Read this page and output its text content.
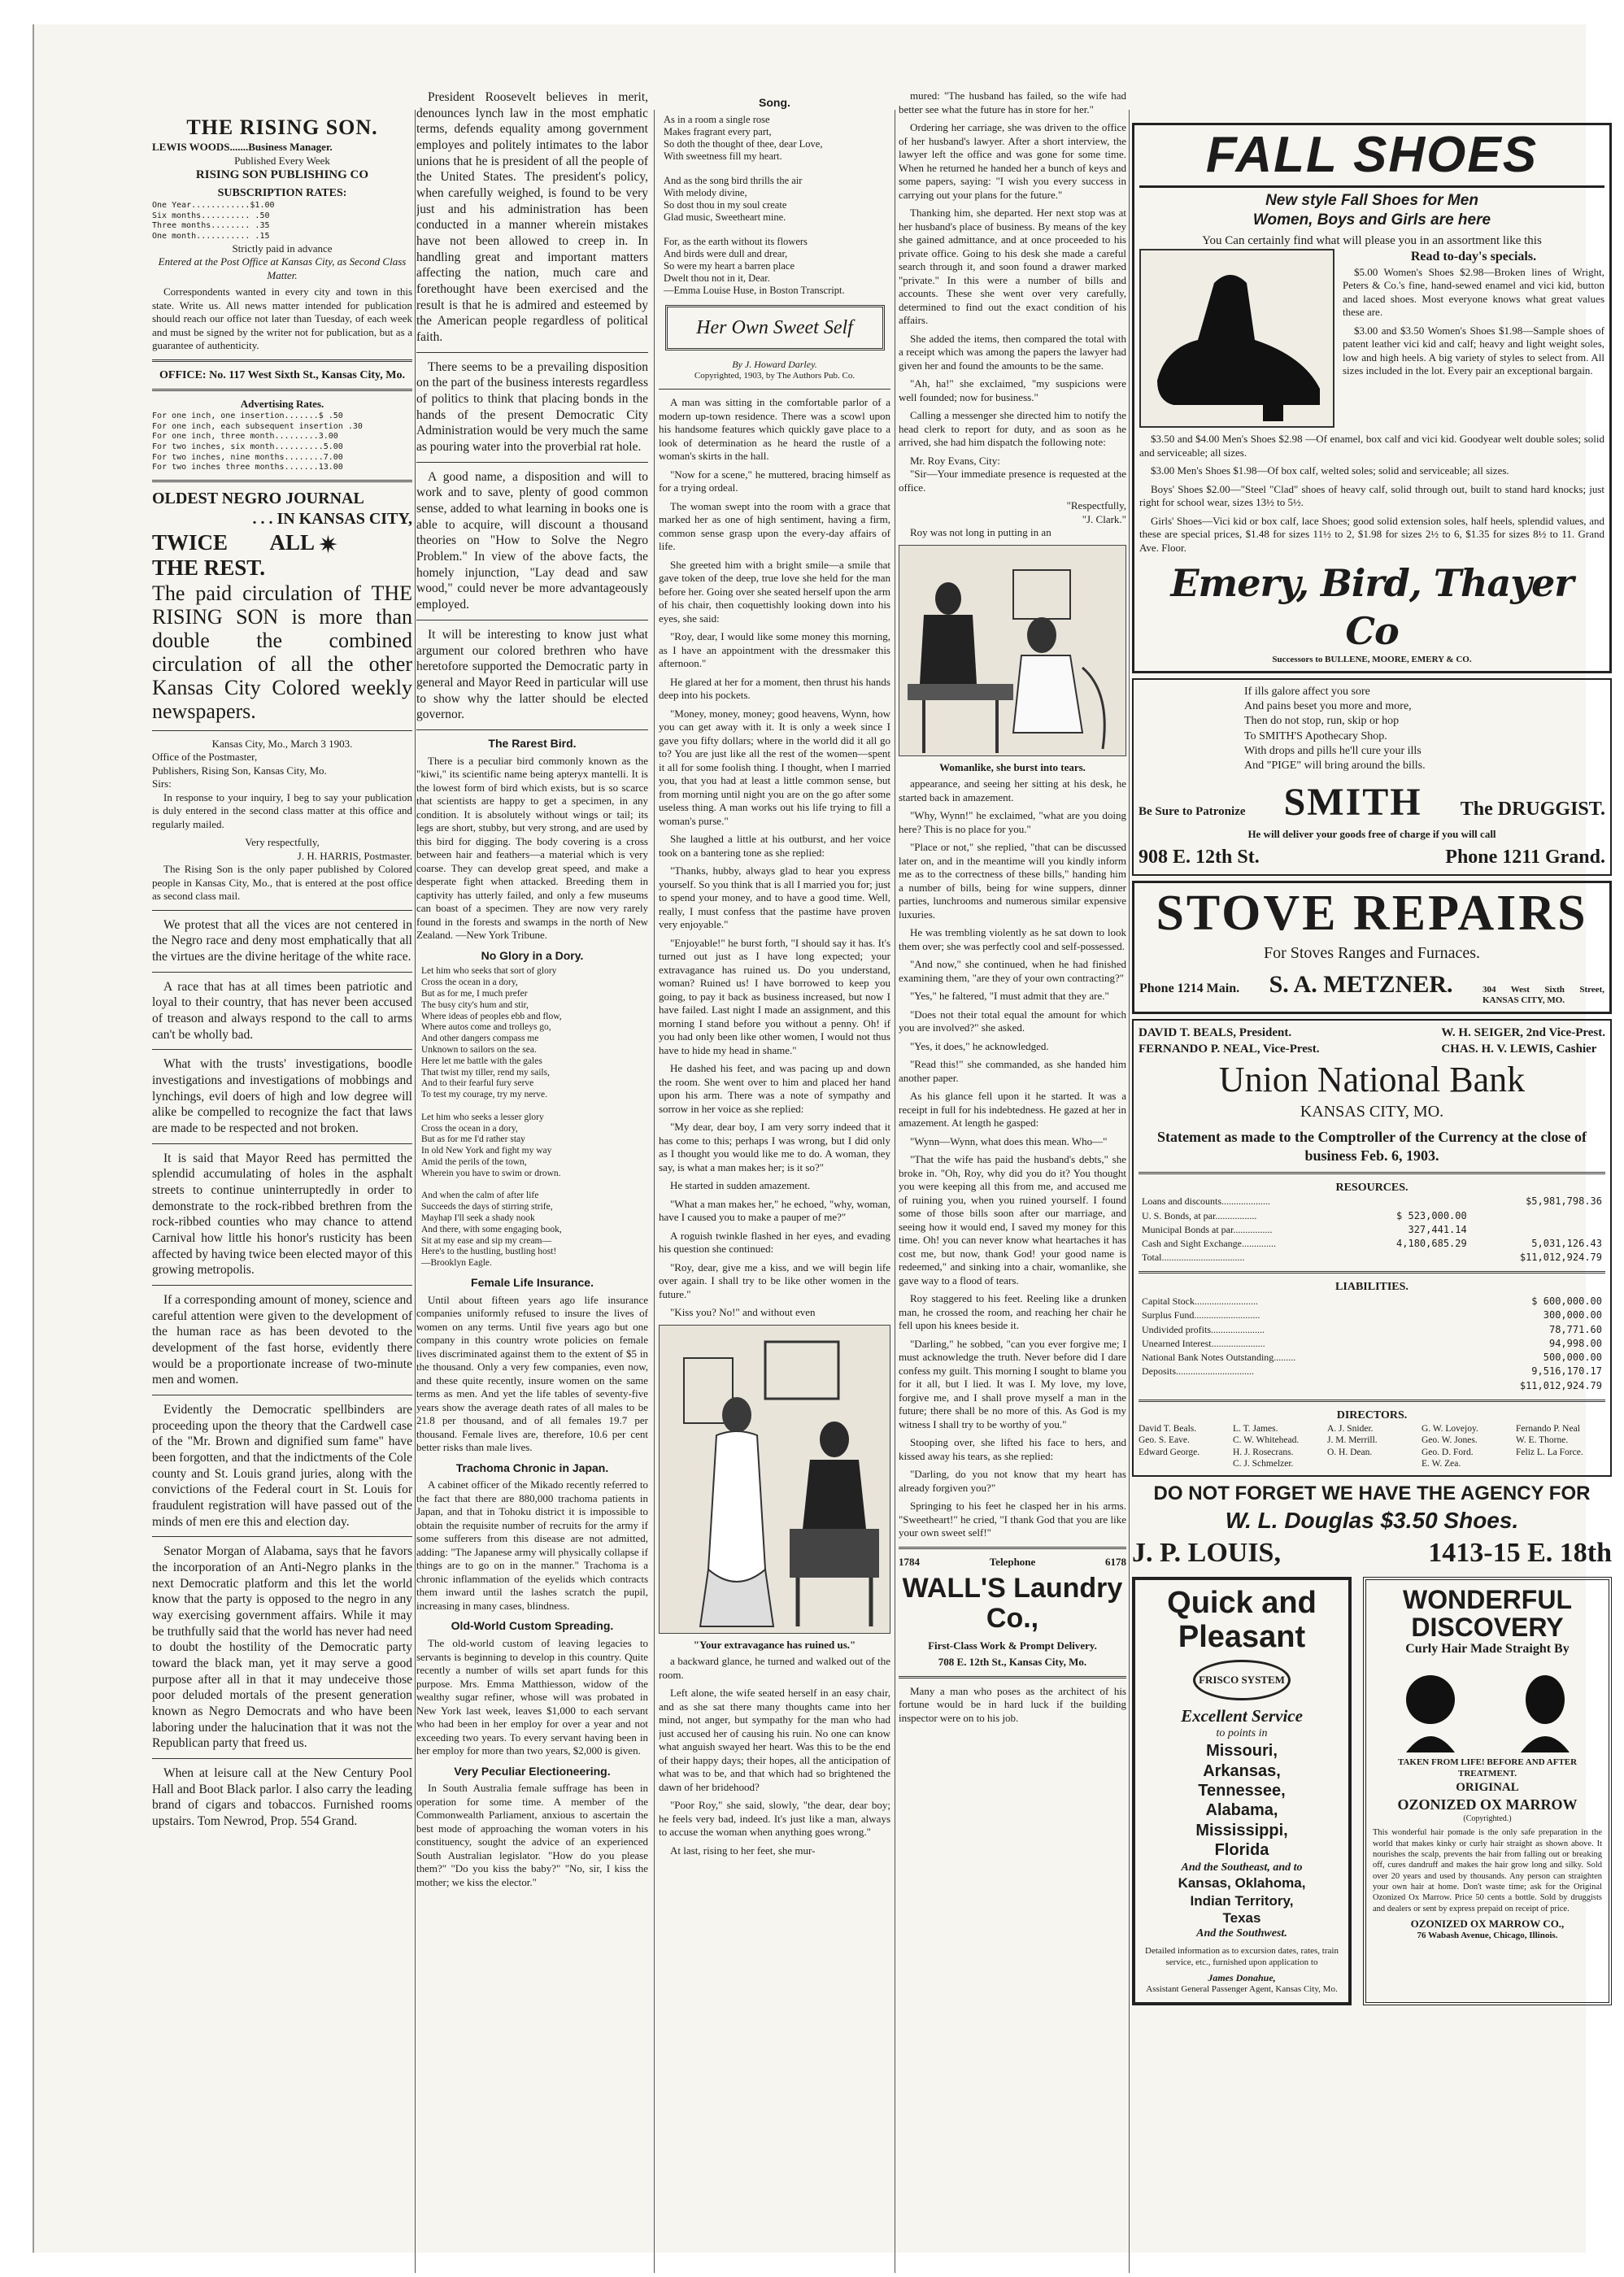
THE RISING SON.
LEWIS WOODS.......Business Manager.
Published Every Week
RISING SON PUBLISHING CO
SUBSCRIPTION RATES:
One Year............$1.00
Six months.......... .50
Three months........ .35
One month........... .15
Strictly paid in advance
Entered at the Post Office at Kansas City, as Second Class Matter.

Correspondents wanted in every city and town in this state. Write us. All news matter intended for publication should reach our office not later than Tuesday, of each week and must be signed by the writer not for publication, but as a guarantee of authenticity.

OFFICE: No. 117 West Sixth St., Kansas City, Mo.
Advertising Rates.
For one inch, one insertion.......$ .50
For one inch, each subsequent insertion .30
For one inch, three month.........3.00
For two inches, six month..........5.00
For two inches, nine months........7.00
For two inches three months.......13.00
OLDEST NEGRO JOURNAL
. . . IN KANSAS CITY,
TWICE ALL THE REST. ✷

The paid circulation of THE RISING SON is more than double the combined circulation of all the other Kansas City Colored weekly newspapers.

Kansas City, Mo., March 3 1903.
Office of the Postmaster,
Publishers, Rising Son, Kansas City, Mo.
Sirs:

In response to your inquiry, I beg to say your publication is duly entered in the second class matter at this office and regularly mailed.

Very respectfully,
J. H. HARRIS, Postmaster.

The Rising Son is the only paper published by Colored people in Kansas City, Mo., that is entered at the post office as second class mail.

We protest that all the vices are not centered in the Negro race and deny most emphatically that all the virtues are the divine heritage of the white race.

A race that has at all times been patriotic and loyal to their country, that has never been accused of treason and always respond to the call to arms can't be wholly bad.

What with the trusts' investigations, boodle investigations and investigations of mobbings and lynchings, evil doers of high and low degree will alike be compelled to recognize the fact that laws are made to be respected and not broken.

It is said that Mayor Reed has permitted the splendid accumulating of holes in the asphalt streets to continue uninterruptedly in order to demonstrate to the rock-ribbed brethren from the rock-ribbed counties who may chance to attend Carnival how little his honor's rusticity has been affected by having twice been elected mayor of this growing metropolis.

If a corresponding amount of money, science and careful attention were given to the development of the human race as has been devoted to the development of the fast horse, evidently there would be a proportionate increase of two-minute men and women.

Evidently the Democratic spellbinders are proceeding upon the theory that the Cardwell case of the "Mr. Brown and dignified sum fame" have been forgotten, and that the indictments of the Cole county and St. Louis grand juries, along with the convictions of the Federal court in St. Louis for fraudulent registration will have passed out of the minds of men ere this and election day.

Senator Morgan of Alabama, says that he favors the incorporation of an Anti-Negro planks in the next Democratic platform and this let the world know that the party is opposed to the negro in any way exercising government affairs. While it may be truthfully said that the world has never had need to doubt the hostility of the Democratic party toward the black man, yet it may serve a good purpose after all in that it may undeceive those poor deluded mortals of the present generation known as Negro Democrats and who have been laboring under the halucination that it was not the Republican party that freed us.

When at leisure call at the New Century Pool Hall and Boot Black parlor. I also carry the leading brand of cigars and tobaccos. Furnished rooms upstairs. Tom Newrod, Prop. 554 Grand.

President Roosevelt believes in merit, denounces lynch law in the most emphatic terms, defends equality among government employes and politely intimates to the labor unions that he is president of all the people of the United States. The president's policy, when carefully weighed, is found to be very just and his administration has been conducted in a manner wherein mistakes have not been allowed to creep in. In handling great and important matters affecting the nation, much care and forethought have been exercised and the result is that he is admired and esteemed by the American people regardless of political faith.

There seems to be a prevailing disposition on the part of the business interests regardless of politics to think that placing bonds in the hands of the present Democratic City Administration would be very much the same as pouring water into the proverbial rat hole.

A good name, a disposition and will to work and to save, plenty of good common sense, added to what learning in books one is able to acquire, will discount a thousand theories on "How to Solve the Negro Problem." In view of the above facts, the homely injunction, "Lay dead and saw wood," could never be more advantageously employed.

It will be interesting to know just what argument our colored brethren who have heretofore supported the Democratic party in general and Mayor Reed in particular will use to show why the latter should be elected governor.

The Rarest Bird.

There is a peculiar bird commonly known as the "kiwi," its scientific name being apteryx mantelli. It is the lowest form of bird which exists, but is so scarce that scientists are happy to get a specimen, in any condition. It is absolutely without wings or tail; its legs are short, stubby, but very strong, and are used by this bird for digging. The body covering is a cross between hair and feathers—a material which is very coarse. They can develop great speed, and make a desperate fight when attacked. Breeding them in captivity has utterly failed, and only a few museums can boast of a specimen. They are now very rarely found in the forests and swamps in the north of New Zealand. —New York Tribune.

No Glory in a Dory.
Let him who seeks that sort of glory
Cross the ocean in a dory,
But as for me, I much prefer
The busy city's hum and stir,
Where ideas of peoples ebb and flow,
Where autos come and trolleys go,
And other dangers compass me
Unknown to sailors on the sea.
Here let me battle with the gales
That twist my tiller, rend my sails,
And to their fearful fury serve
To test my courage, try my nerve.

Let him who seeks a lesser glory
Cross the ocean in a dory,
But as for me I'd rather stay
In old New York and fight my way
Amid the perils of the town,
Wherein you have to swim or drown.

And when the calm of after life
Succeeds the days of stirring strife,
Mayhap I'll seek a shady nook
And there, with some engaging book,
Sit at my ease and sip my cream—
Here's to the hustling, bustling host!
—Brooklyn Eagle.
Female Life Insurance.

Until about fifteen years ago life insurance companies uniformly refused to insure the lives of women on any terms. Until five years ago but one company in this country wrote policies on female lives discriminated against them to the extent of $5 in the thousand. Only a very few companies, even now, and these quite recently, insure women on the same terms as men. And yet the life tables of seventy-five years show the average death rates of all males to be 21.8 per thousand, and of all females 19.7 per thousand. Female lives are, therefore, 10.6 per cent better risks than male lives.

Trachoma Chronic in Japan.

A cabinet officer of the Mikado recently referred to the fact that there are 880,000 trachoma patients in Japan, and that in Tohoku district it is impossible to obtain the requisite number of recruits for the army if some sufferers from this disease are not admitted, adding: "The Japanese army will physically collapse if things are to go on in the manner." Trachoma is a chronic inflammation of the eyelids which contracts them inward until the lashes scratch the pupil, increasing in many cases, blindness.

Old-World Custom Spreading.

The old-world custom of leaving legacies to servants is beginning to develop in this country. Quite recently a number of wills set apart funds for this purpose. Mrs. Emma Matthiesson, widow of the wealthy sugar refiner, whose will was probated in New York last week, leaves $1,000 to each servant who had been in her employ for over a year and not exceeding two years. To every servant having been in her employ for more than two years, $2,000 is given.

Very Peculiar Electioneering.

In South Australia female suffrage has been in operation for some time. A member of the Commonwealth Parliament, anxious to ascertain the best mode of approaching the woman voters in his constituency, sought the advice of an experienced South Australian legislator. "How do you please them?" "Do you kiss the baby?" "No, sir, I kiss the mother; we kiss the elector."

Song.
As in a room a single rose
Makes fragrant every part,
So doth the thought of thee, dear Love,
With sweetness fill my heart.

And as the song bird thrills the air
With melody divine,
So dost thou in my soul create
Glad music, Sweetheart mine.

For, as the earth without its flowers
And birds were dull and drear,
So were my heart a barren place
Dwelt thou not in it, Dear.
—Emma Louise Huse, in Boston Transcript.
Her Own Sweet Self
By J. Howard Darley.
Copyrighted, 1903, by The Authors Pub. Co.

A man was sitting in the comfortable parlor of a modern up-town residence. There was a scowl upon his handsome features which quickly gave place to a look of determination as he heard the rustle of a woman's skirts in the hall.

"Now for a scene," he muttered, bracing himself as for a trying ordeal.

The woman swept into the room with a grace that marked her as one of high sentiment, having a firm, common sense grasp upon the every-day affairs of life.

She greeted him with a bright smile—a smile that gave token of the deep, true love she held for the man before her. Going over she seated herself upon the arm of his chair, then coquettishly looking down into his eyes, she said:

"Roy, dear, I would like some money this morning, as I have an appointment with the dressmaker this afternoon."

He glared at her for a moment, then thrust his hands deep into his pockets.

"Money, money, money; good heavens, Wynn, how you can get away with it. It is only a week since I gave you fifty dollars; where in the world did it all go to? You are just like all the rest of the women—spent it all for some foolish thing. I thought, when I married you, that you had at least a little common sense, but from morning until night you are on the go after some useless thing. A man works out his life trying to fill a woman's purse."

She laughed a little at his outburst, and her voice took on a bantering tone as she replied:

"Thanks, hubby, always glad to hear you express yourself. So you think that is all I married you for; just to spend your money, and to have a good time. Well, really, I must confess that the pastime have proven very enjoyable."

"Enjoyable!" he burst forth, "I should say it has. It's turned out just as I have long expected; your extravagance has ruined us. Do you understand, woman? Ruined us! I have borrowed to keep you going, to pay it back as business increased, but now I have failed. Last night I made an assignment, and this morning I stand before you without a penny. Oh! if you had only been like other women, I would not thus have to hide my head in shame."

He dashed his feet, and was pacing up and down the room. She went over to him and placed her hand upon his arm. There was a note of sympathy and sorrow in her voice as she replied:

"My dear, dear boy, I am very sorry indeed that it has come to this; perhaps I was wrong, but I did only as I thought you would like me to do. A woman, they say, is what a man makes her; is it so?"

He started in sudden amazement.

"What a man makes her," he echoed, "why, woman, have I caused you to make a pauper of me?"

A roguish twinkle flashed in her eyes, and evading his question she continued:

"Roy, dear, give me a kiss, and we will begin life over again. I shall try to be like other women in the future."

"Kiss you? No!" and without even

"Your extravagance has ruined us."

a backward glance, he turned and walked out of the room.

Left alone, the wife seated herself in an easy chair, and as she sat there many thoughts came into her mind, not anger, but sympathy for the man who had just accused her of causing his ruin. No one can know what anguish swayed her heart. Was this to be the end of their happy days; their hopes, all the anticipation of what was to be, and that which had so brightened the dawn of her bridehood?

"Poor Roy," she said, slowly, "the dear, dear boy; he feels very bad, indeed. It's just like a man, always to accuse the woman when anything goes wrong."

At last, rising to her feet, she mur-

mured: "The husband has failed, so the wife had better see what the future has in store for her."

Ordering her carriage, she was driven to the office of her husband's lawyer. After a short interview, the lawyer left the office and was gone for some time. When he returned he handed her a bunch of keys and some papers, saying: "I wish you every success in carrying out your plans for the future."

Thanking him, she departed. Her next stop was at her husband's place of business. By means of the key she gained admittance, and at once proceeded to his private office. Going to his desk she made a careful search through it, and soon found a drawer marked "private." In this were a number of bills and accounts. These she went over very carefully, determined to find out the exact condition of his affairs.

She added the items, then compared the total with a receipt which was among the papers the lawyer had given her and found the amounts to be the same.

"Ah, ha!" she exclaimed, "my suspicions were well founded; now for business."

Calling a messenger she directed him to notify the head clerk to report for duty, and as soon as he arrived, she had him dispatch the following note:

Mr. Roy Evans, City:

"Sir—Your immediate presence is requested at the office.

"Respectfully,
"J. Clark."

Roy was not long in putting in an

Womanlike, she burst into tears.

appearance, and seeing her sitting at his desk, he started back in amazement.

"Why, Wynn!" he exclaimed, "what are you doing here? This is no place for you."

"Place or not," she replied, "that can be discussed later on, and in the meantime will you kindly inform me as to the correctness of these bills," handing him a number of bills, being for wine suppers, dinner parties, lunchrooms and numerous similar expensive luxuries.

He was trembling violently as he sat down to look them over; she was perfectly cool and self-possessed.

"And now," she continued, when he had finished examining them, "are they of your own contracting?"

"Yes," he faltered, "I must admit that they are."

"Does not their total equal the amount for which you are involved?" she asked.

"Yes, it does," he acknowledged.

"Read this!" she commanded, as she handed him another paper.

As his glance fell upon it he started. It was a receipt in full for his indebtedness. He gazed at her in amazement. At length he gasped:

"Wynn—Wynn, what does this mean. Who—"

"That the wife has paid the husband's debts," she broke in. "Oh, Roy, why did you do it? You thought you were keeping all this from me, and accused me of ruining you, when you ruined yourself. I found some of those bills soon after our marriage, and seeing how it would end, I saved my money for this time. Oh! you can never know what heartaches it has cost me, but now, thank God! your good name is redeemed," and sinking into a chair, womanlike, she gave way to a flood of tears.

Roy staggered to his feet. Reeling like a drunken man, he crossed the room, and reaching her chair he fell upon his knees beside it.

"Darling," he sobbed, "can you ever forgive me; I must acknowledge the truth. Never before did I dare confess my guilt. This morning I sought to blame you for it all, but I lied. It was I. My love, my love, forgive me, and I shall prove myself a man in the future; there shall be no more of this. As God is my witness I shall try to be worthy of you."

Stooping over, she lifted his face to hers, and kissed away his tears, as she replied:

"Darling, do you not know that my heart has already forgiven you?"

Springing to his feet he clasped her in his arms. "Sweetheart!" he cried, "I thank God that you are like your own sweet self!"

1784	Telephone	6178
WALL'S Laundry Co.,
First-Class Work & Prompt Delivery.
708 E. 12th St., Kansas City, Mo.

Many a man who poses as the architect of his fortune would be in hard luck if the building inspector were on to his job.

FALL SHOES
New style Fall Shoes for Men
Women, Boys and Girls are here
You Can certainly find what will please you in an assortment like this
Read to-day's specials.

$5.00 Women's Shoes $2.98—Broken lines of Wright, Peters & Co.'s fine, hand-sewed enamel and vici kid, button and laced shoes. Most everyone knows what great values these are.

$3.00 and $3.50 Women's Shoes $1.98—Sample shoes of patent leather vici kid and calf; heavy and light weight soles, low and high heels. A big variety of styles to select from. All sizes included in the lot. Every pair an exceptional bargain.

$3.50 and $4.00 Men's Shoes $2.98 —Of enamel, box calf and vici kid. Goodyear welt double soles; solid and serviceable; all sizes.

$3.00 Men's Shoes $1.98—Of box calf, welted soles; solid and serviceable; all sizes.

Boys' Shoes $2.00—"Steel "Clad" shoes of heavy calf, solid through out, built to stand hard knocks; just right for school wear, sizes 13½ to 5½.

Girls' Shoes—Vici kid or box calf, lace Shoes; good solid extension soles, half heels, splendid values, and these are special prices, $1.48 for sizes 11½ to 2, $1.98 for sizes 2½ to 6, $1.35 for sizes 8½ to 11. Grand Ave. Floor.

Emery, Bird, Thayer Co
Successors to BULLENE, MOORE, EMERY & CO.
If ills galore affect you sore
And pains beset you more and more,
Then do not stop, run, skip or hop
To SMITH'S Apothecary Shop.
With drops and pills he'll cure your ills
And "PIGE" will bring around the bills.
Be Sure to Patronize SMITH The DRUGGIST.
He will deliver your goods free of charge if you will call
908 E. 12th St.	Phone 1211 Grand.
STOVE REPAIRS
For Stoves Ranges and Furnaces.
Phone 1214 Main. S. A. METZNER.	304 West Sixth Street, KANSAS CITY, MO.
DAVID T. BEALS, President.
FERNANDO P. NEAL, Vice-Prest.
W. H. SEIGER, 2nd Vice-Prest.
CHAS. H. V. LEWIS, Cashier
Union National Bank
KANSAS CITY, MO.
Statement as made to the Comptroller of the Currency at the close of business Feb. 6, 1903.
RESOURCES.
Loans and discounts....................		$5,981,798.36
U. S. Bonds, at par.................	$ 523,000.00	
Municipal Bonds at par................	327,441.14	
Cash and Sight Exchange..............	4,180,685.29	5,031,126.43
Total..................................		$11,012,924.79
LIABILITIES.
Capital Stock..........................	$ 600,000.00
Surplus Fund...........................	300,000.00
Undivided profits......................	78,771.60
Unearned Interest......................	94,998.00
National Bank Notes Outstanding.........	500,000.00
Deposits................................	9,516,170.17
	$11,012,924.79
DIRECTORS.
David T. Beals.	L. T. James.	A. J. Snider.	G. W. Lovejoy.	Fernando P. Neal
Geo. S. Eave.	C. W. Whitehead.	J. M. Merrill.	Geo. W. Jones.	W. E. Thorne.
Edward George.	H. J. Rosecrans.	O. H. Dean.	Geo. D. Ford.	Feliz L. La Force.
C. J. Schmelzer.	E. W. Zea.
DO NOT FORGET WE HAVE THE AGENCY FOR
W. L. Douglas $3.50 Shoes.
J. P. LOUIS,	1413-15 E. 18th
Quick and Pleasant
FRISCO SYSTEM
Excellent Service
to points in
Missouri,
Arkansas,
Tennessee,
Alabama,
Mississippi,
Florida
And the Southeast, and to
Kansas, Oklahoma,
Indian Territory,
Texas
And the Southwest.
Detailed information as to excursion dates, rates, train service, etc., furnished upon application to
James Donahue,
Assistant General Passenger Agent, Kansas City, Mo.
WONDERFUL DISCOVERY
Curly Hair Made Straight By
TAKEN FROM LIFE! BEFORE AND AFTER TREATMENT.
ORIGINAL
OZONIZED OX MARROW
(Copyrighted.)
This wonderful hair pomade is the only safe preparation in the world that makes kinky or curly hair straight as shown above. It nourishes the scalp, prevents the hair from falling out or breaking off, cures dandruff and makes the hair grow long and silky. Sold over 20 years and used by thousands. Any person can straighten your own hair at home. Don't waste time; ask for the Original Ozonized Ox Marrow. Price 50 cents a bottle. Sold by druggists and dealers or sent by express prepaid on receipt of price.
OZONIZED OX MARROW CO.,
76 Wabash Avenue, Chicago, Illinois.
